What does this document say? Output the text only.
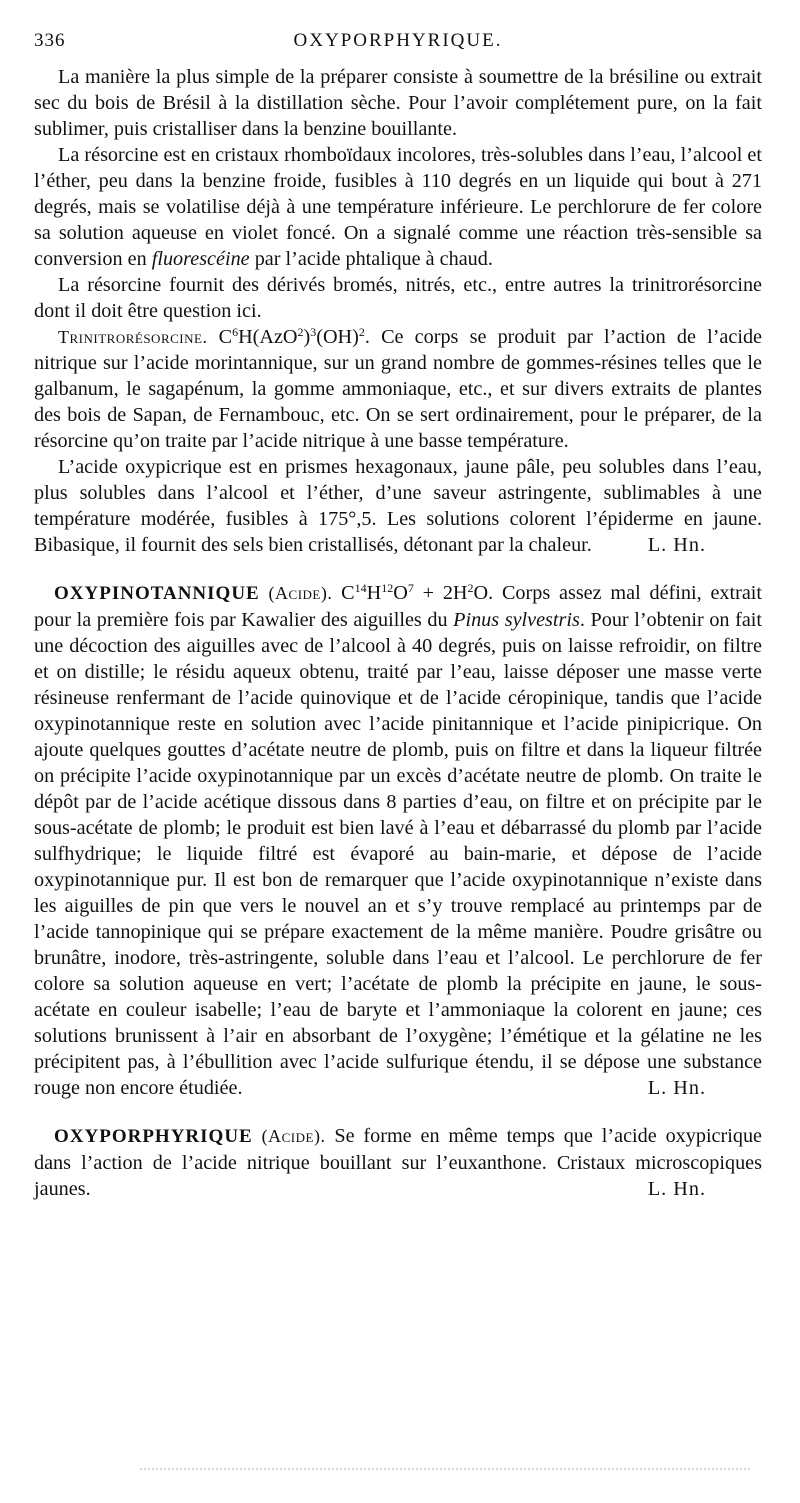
336	OXYPORPHYRIQUE.

La manière la plus simple de la préparer consiste à soumettre de la brésiline ou extrait sec du bois de Brésil à la distillation sèche. Pour l’avoir complétement pure, on la fait sublimer, puis cristalliser dans la benzine bouillante.

La résorcine est en cristaux rhomboïdaux incolores, très-solubles dans l’eau, l’alcool et l’éther, peu dans la benzine froide, fusibles à 110 degrés en un liquide qui bout à 271 degrés, mais se volatilise déjà à une température inférieure. Le perchlorure de fer colore sa solution aqueuse en violet foncé. On a signalé comme une réaction très-sensible sa conversion en fluorescéine par l’acide phtalique à chaud.

La résorcine fournit des dérivés bromés, nitrés, etc., entre autres la trinitrorésorcine dont il doit être question ici.

Trinitrorésorcine. $C^6H(AzO^2)^3(OH)^2$. Ce corps se produit par l’action de l’acide nitrique sur l’acide morintannique, sur un grand nombre de gommes-résines telles que le galbanum, le sagapénum, la gomme ammoniaque, etc., et sur divers extraits de plantes des bois de Sapan, de Fernambouc, etc. On se sert ordinairement, pour le préparer, de la résorcine qu’on traite par l’acide nitrique à une basse température.

L’acide oxypicrique est en prismes hexagonaux, jaune pâle, peu solubles dans l’eau, plus solubles dans l’alcool et l’éther, d’une saveur astringente, sublimables à une température modérée, fusibles à 175°,5. Les solutions colorent l’épiderme en jaune. Bibasique, il fournit des sels bien cristallisés, détonant par la chaleur.	L. Hn.

OXYPINOTANNIQUE (Acide). $C^{14}H^{12}O^7 + 2H^2O$. Corps assez mal défini, extrait pour la première fois par Kawalier des aiguilles du Pinus sylvestris. Pour l’obtenir on fait une décoction des aiguilles avec de l’alcool à 40 degrés, puis on laisse refroidir, on filtre et on distille; le résidu aqueux obtenu, traité par l’eau, laisse déposer une masse verte résineuse renfermant de l’acide quinovique et de l’acide céropinique, tandis que l’acide oxypinotannique reste en solution avec l’acide pinitannique et l’acide pinipicrique. On ajoute quelques gouttes d’acétate neutre de plomb, puis on filtre et dans la liqueur filtrée on précipite l’acide oxypinotannique par un excès d’acétate neutre de plomb. On traite le dépôt par de l’acide acétique dissous dans 8 parties d’eau, on filtre et on précipite par le sous-acétate de plomb; le produit est bien lavé à l’eau et débarrassé du plomb par l’acide sulfhydrique; le liquide filtré est évaporé au bain-marie, et dépose de l’acide oxypinotannique pur. Il est bon de remarquer que l’acide oxypinotannique n’existe dans les aiguilles de pin que vers le nouvel an et s’y trouve remplacé au printemps par de l’acide tannopinique qui se prépare exactement de la même manière. Poudre grisâtre ou brunâtre, inodore, très-astringente, soluble dans l’eau et l’alcool. Le perchlorure de fer colore sa solution aqueuse en vert; l’acétate de plomb la précipite en jaune, le sous-acétate en couleur isabelle; l’eau de baryte et l’ammoniaque la colorent en jaune; ces solutions brunissent à l’air en absorbant de l’oxygène; l’émétique et la gélatine ne les précipitent pas, à l’ébullition avec l’acide sulfurique étendu, il se dépose une substance rouge non encore étudiée.	L. Hn.

OXYPORPHYRIQUE (Acide). Se forme en même temps que l’acide oxypicrique dans l’action de l’acide nitrique bouillant sur l’euxanthone. Cristaux microscopiques jaunes.	L. Hn.
